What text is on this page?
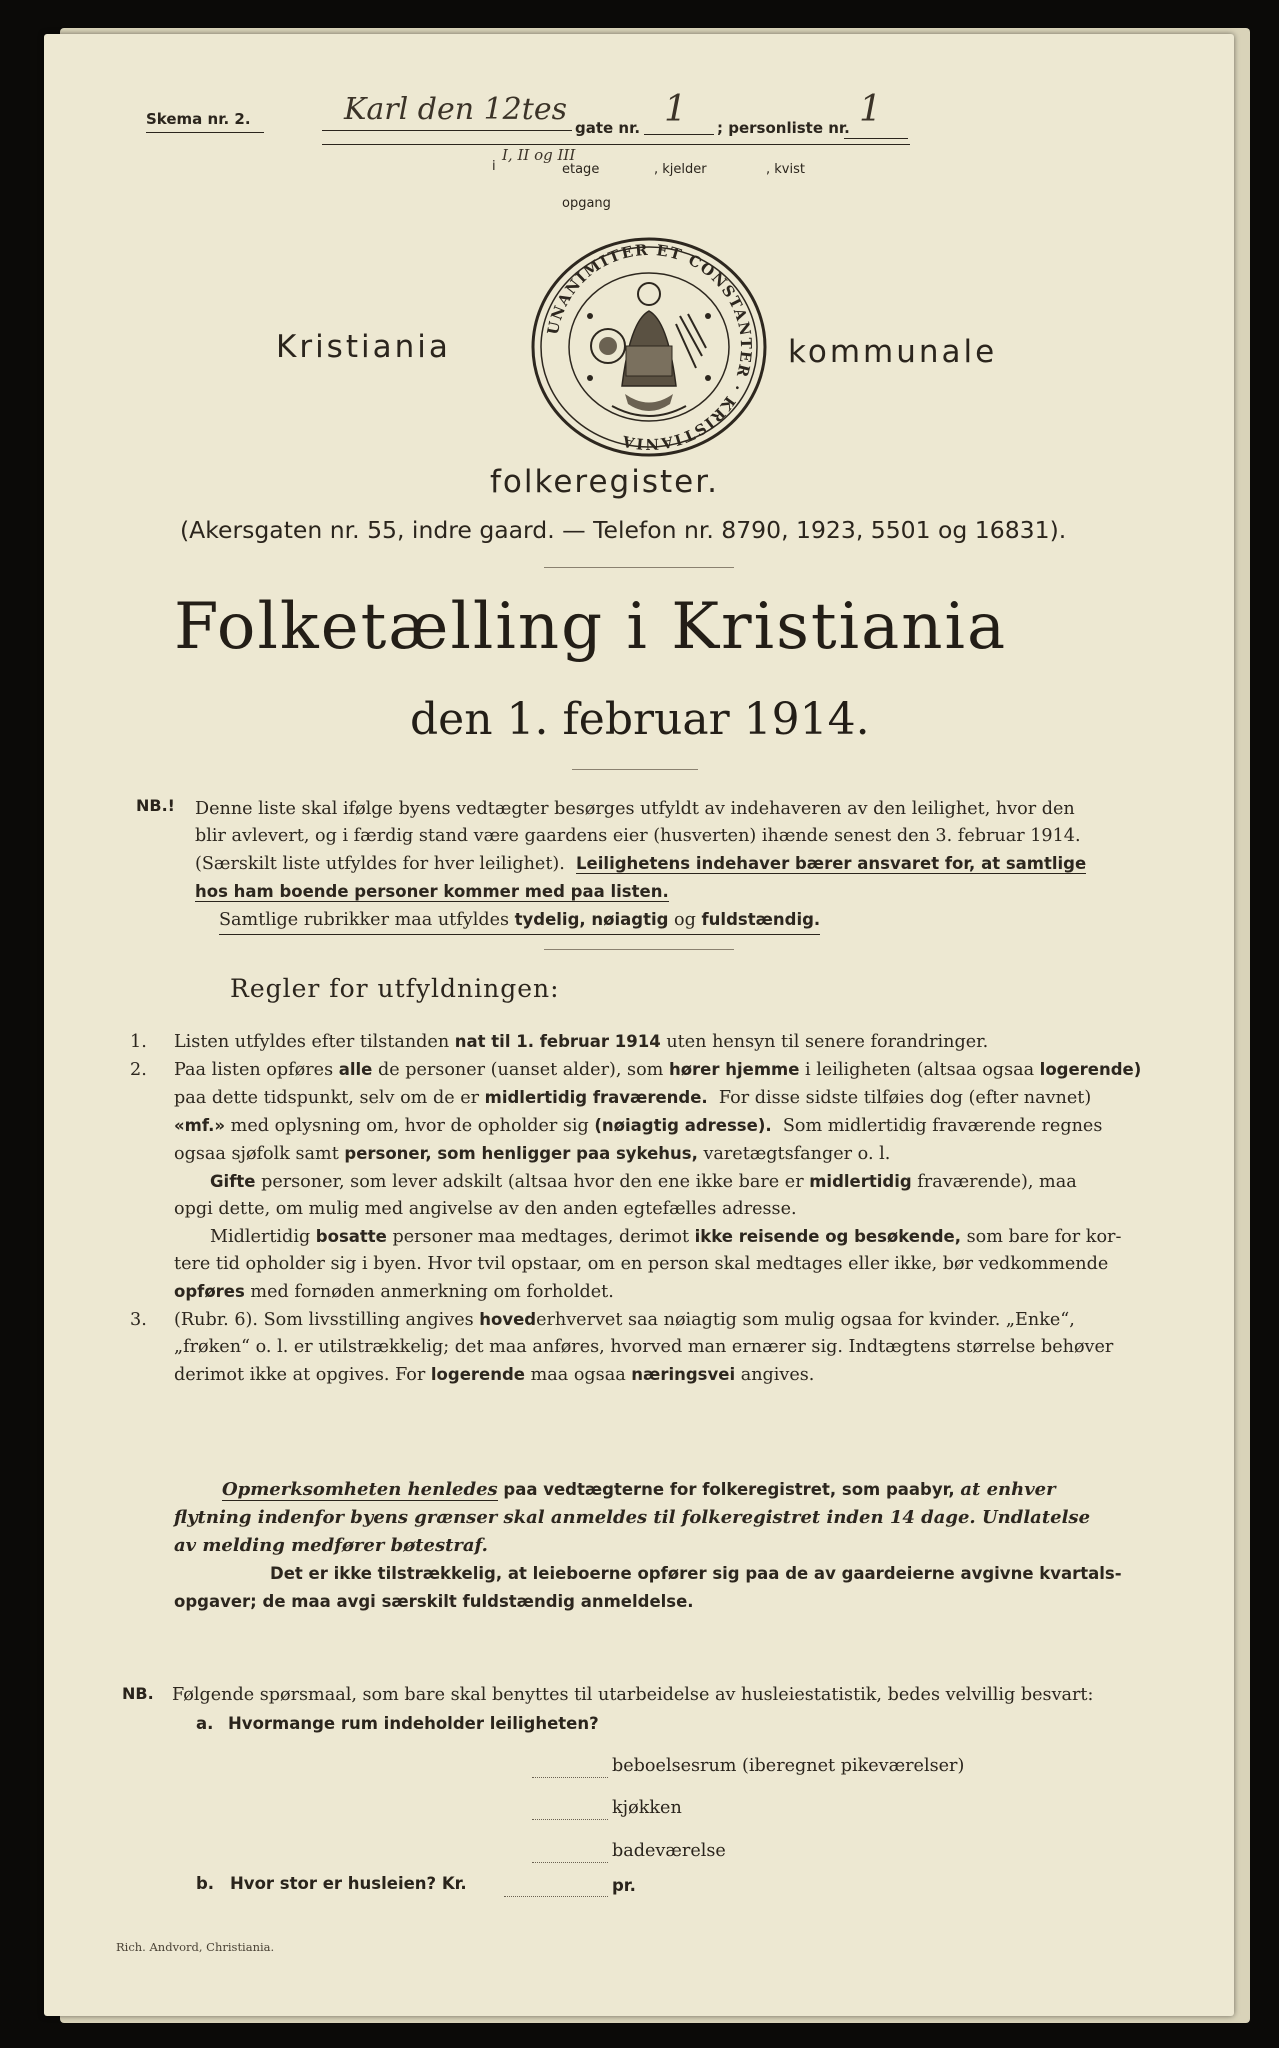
Skema nr. 2.	Karl den 12tes
gate nr. 1 ; personliste nr. 1
i
I, II og III
etage	, kjelder	, kvist
opgang
Kristiania	kommunale
UNANIMITER ET CONSTANTER · KRISTIANIA
folkeregister.
(Akersgaten nr. 55, indre gaard. — Telefon nr. 8790, 1923, 5501 og 16831).
Folketælling i Kristiania
den 1. februar 1914.
NB.! Denne liste skal ifølge byens vedtægter besørges utfyldt av indehaveren av den leilighet, hvor den
blir avlevert, og i færdig stand være gaardens eier (husverten) ihænde senest den 3. februar 1914.
(Særskilt liste utfyldes for hver leilighet). Leilighetens indehaver bærer ansvaret for, at samtlige
hos ham boende personer kommer med paa listen.
Samtlige rubrikker maa utfyldes tydelig, nøiagtig og fuldstændig.
Regler for utfyldningen:
1. Listen utfyldes efter tilstanden nat til 1. februar 1914 uten hensyn til senere forandringer.
2. Paa listen opføres alle de personer (uanset alder), som hører hjemme i leiligheten (altsaa ogsaa logerende)
paa dette tidspunkt, selv om de er midlertidig fraværende. For disse sidste tilføies dog (efter navnet)
«mf.» med oplysning om, hvor de opholder sig (nøiagtig adresse). Som midlertidig fraværende regnes
ogsaa sjøfolk samt personer, som henligger paa sykehus, varetægtsfanger o. l.
Gifte personer, som lever adskilt (altsaa hvor den ene ikke bare er midlertidig fraværende), maa
opgi dette, om mulig med angivelse av den anden egtefælles adresse.
Midlertidig bosatte personer maa medtages, derimot ikke reisende og besøkende, som bare for kor-
tere tid opholder sig i byen. Hvor tvil opstaar, om en person skal medtages eller ikke, bør vedkommende
opføres med fornøden anmerkning om forholdet.
3. (Rubr. 6). Som livsstilling angives hovederhvervet saa nøiagtig som mulig ogsaa for kvinder. „Enke“,
„frøken“ o. l. er utilstrækkelig; det maa anføres, hvorved man ernærer sig. Indtægtens størrelse behøver
derimot ikke at opgives. For logerende maa ogsaa næringsvei angives.
Opmerksomheten henledes paa vedtægterne for folkeregistret, som paabyr, at enhver
flytning indenfor byens grænser skal anmeldes til folkeregistret inden 14 dage. Undlatelse
av melding medfører bøtestraf.
Det er ikke tilstrækkelig, at leieboerne opfører sig paa de av gaardeierne avgivne kvartals-
opgaver; de maa avgi særskilt fuldstændig anmeldelse.
NB. Følgende spørsmaal, som bare skal benyttes til utarbeidelse av husleiestatistik, bedes velvillig besvart:
a. Hvormange rum indeholder leiligheten?
beboelsesrum (iberegnet pikeværelser)
kjøkken
badeværelse
b. Hvor stor er husleien? Kr.	pr.
Rich. Andvord, Christiania.
